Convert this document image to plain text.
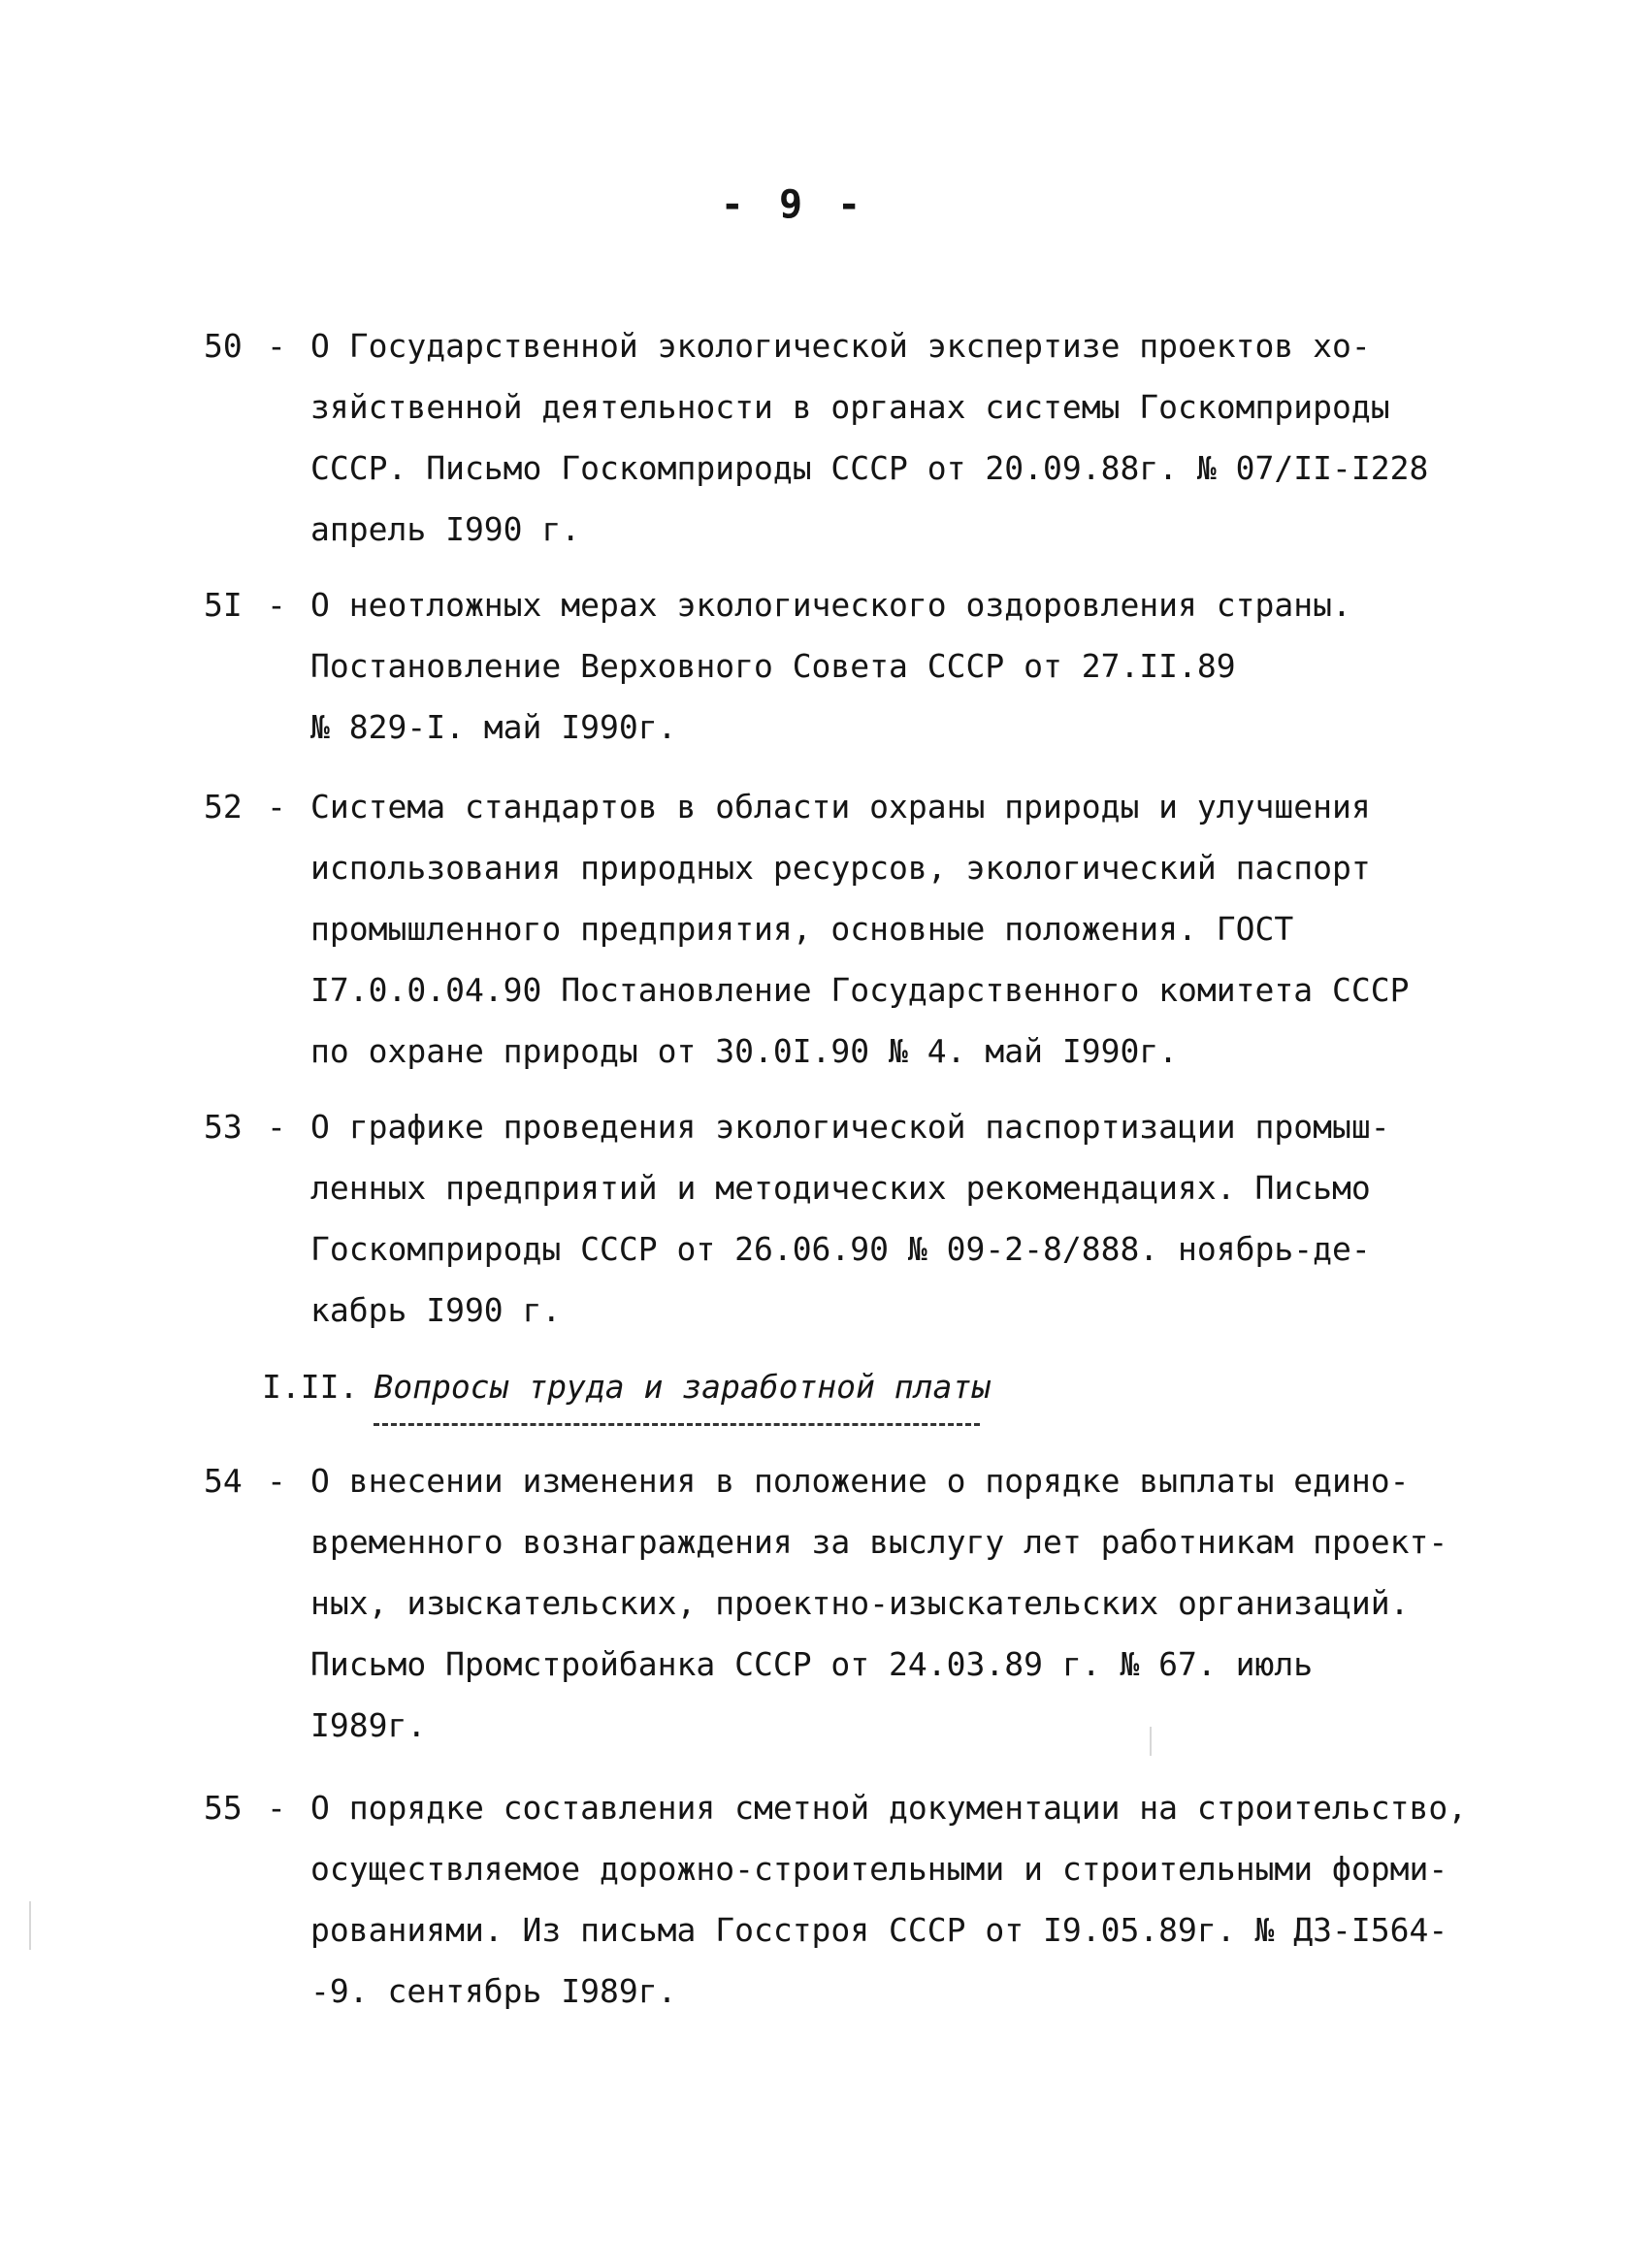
- 9 -
50 - О Государственной экологической экспертизе проектов хо-
зяйственной деятельности в органах системы Госкомприроды
СССР. Письмо Госкомприроды СССР от 20.09.88г. № 07/II-I228
апрель I990 г.
5I - О неотложных мерах экологического оздоровления страны.
Постановление Верховного Совета СССР от 27.II.89
№ 829-I. май I990г.
52 - Система стандартов в области охраны природы и улучшения
использования природных ресурсов, экологический паспорт
промышленного предприятия, основные положения. ГОСТ
I7.0.0.04.90 Постановление Государственного комитета СССР
по охране природы от 30.0I.90 № 4. май I990г.
53 - О графике проведения экологической паспортизации промыш-
ленных предприятий и методических рекомендациях. Письмо
Госкомприроды СССР от 26.06.90 № 09-2-8/888. ноябрь-де-
кабрь I990 г.
I.II. Вопросы труда и заработной платы
54 - О внесении изменения в положение о порядке выплаты едино-
временного вознаграждения за выслугу лет работникам проект-
ных, изыскательских, проектно-изыскательских организаций.
Письмо Промстройбанка СССР от 24.03.89 г. № 67. июль
I989г.
55 - О порядке составления сметной документации на строительство,
осуществляемое дорожно-строительными и строительными форми-
рованиями. Из письма Госстроя СССР от I9.05.89г. № ДЗ-I564-
-9. сентябрь I989г.
